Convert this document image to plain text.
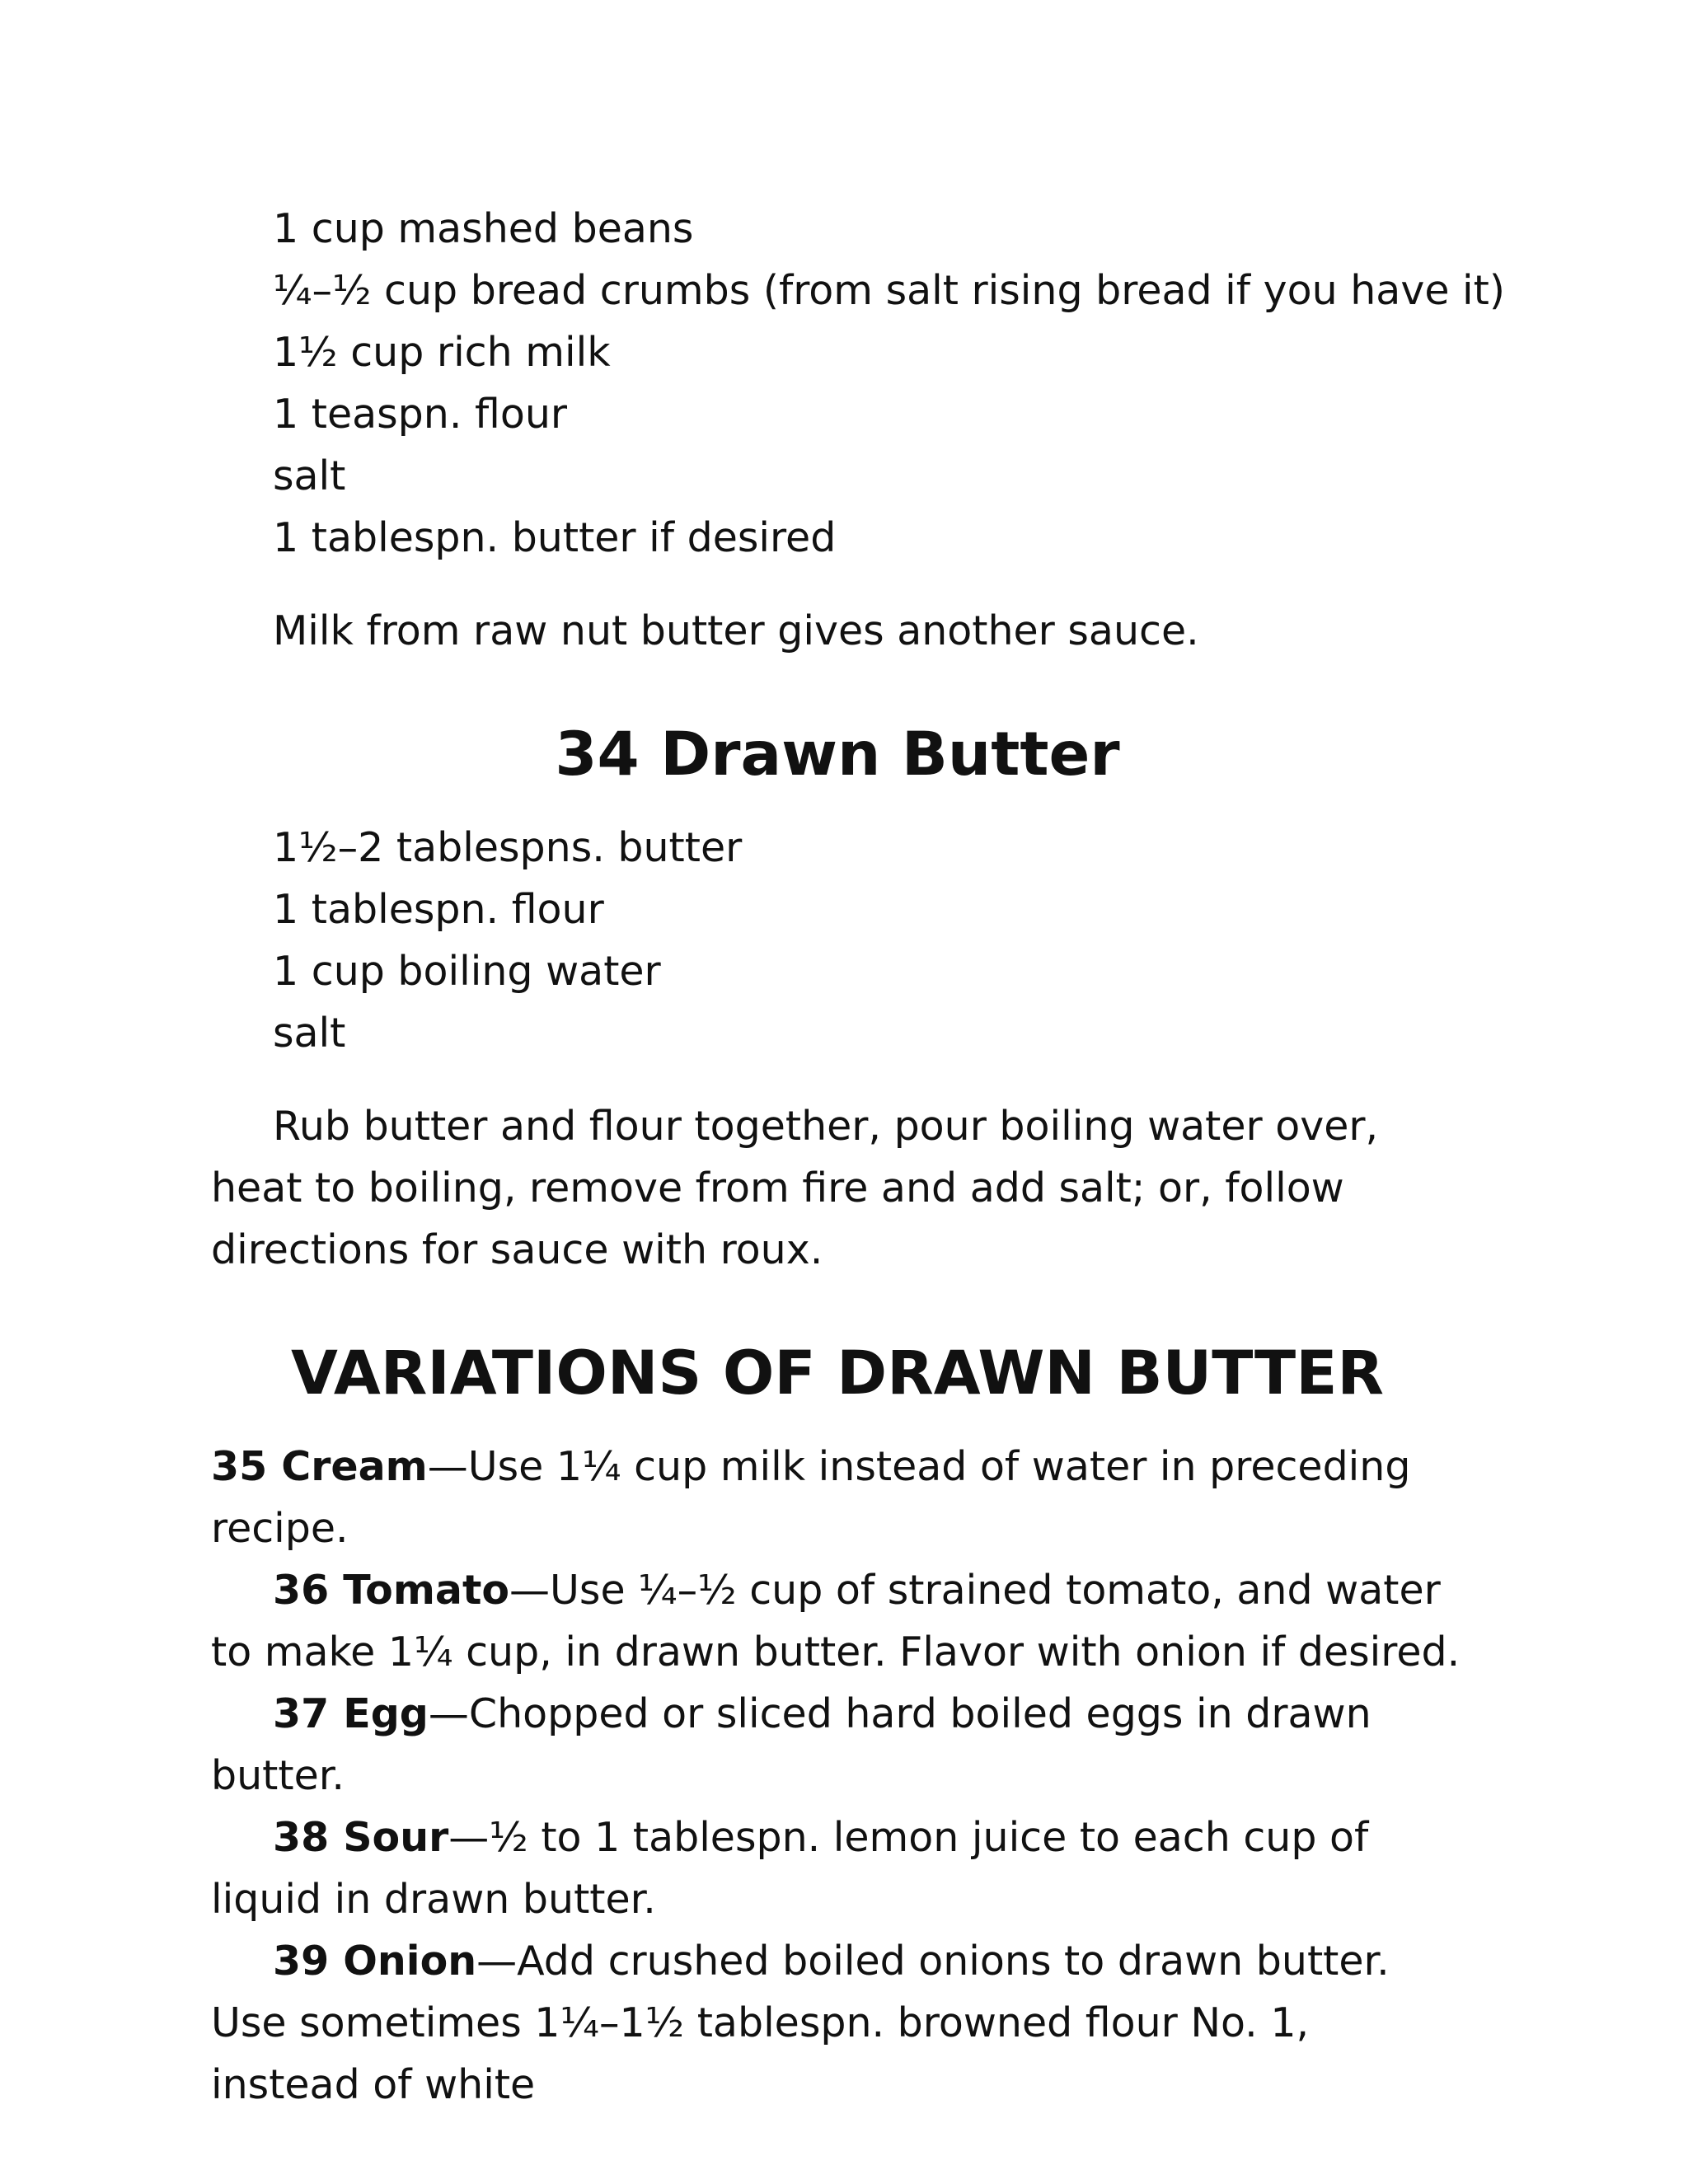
1 cup mashed beans
¼–½ cup bread crumbs (from salt rising bread if you have it)
1½ cup rich milk
1 teaspn. flour
salt
1 tablespn. butter if desired

Milk from raw nut butter gives another sauce.

34 Drawn Butter
1½–2 tablespns. butter
1 tablespn. flour
1 cup boiling water
salt

Rub butter and flour together, pour boiling water over, heat to boiling, remove from fire and add salt; or, follow directions for sauce with roux.

VARIATIONS OF DRAWN BUTTER

35 Cream—Use 1¼ cup milk instead of water in preceding recipe.

36 Tomato—Use ¼–½ cup of strained tomato, and water to make 1¼ cup, in drawn butter. Flavor with onion if desired.

37 Egg—Chopped or sliced hard boiled eggs in drawn butter.

38 Sour—½ to 1 tablespn. lemon juice to each cup of liquid in drawn butter.

39 Onion—Add crushed boiled onions to drawn butter. Use sometimes 1¼–1½ tablespn. browned flour No. 1, instead of white
